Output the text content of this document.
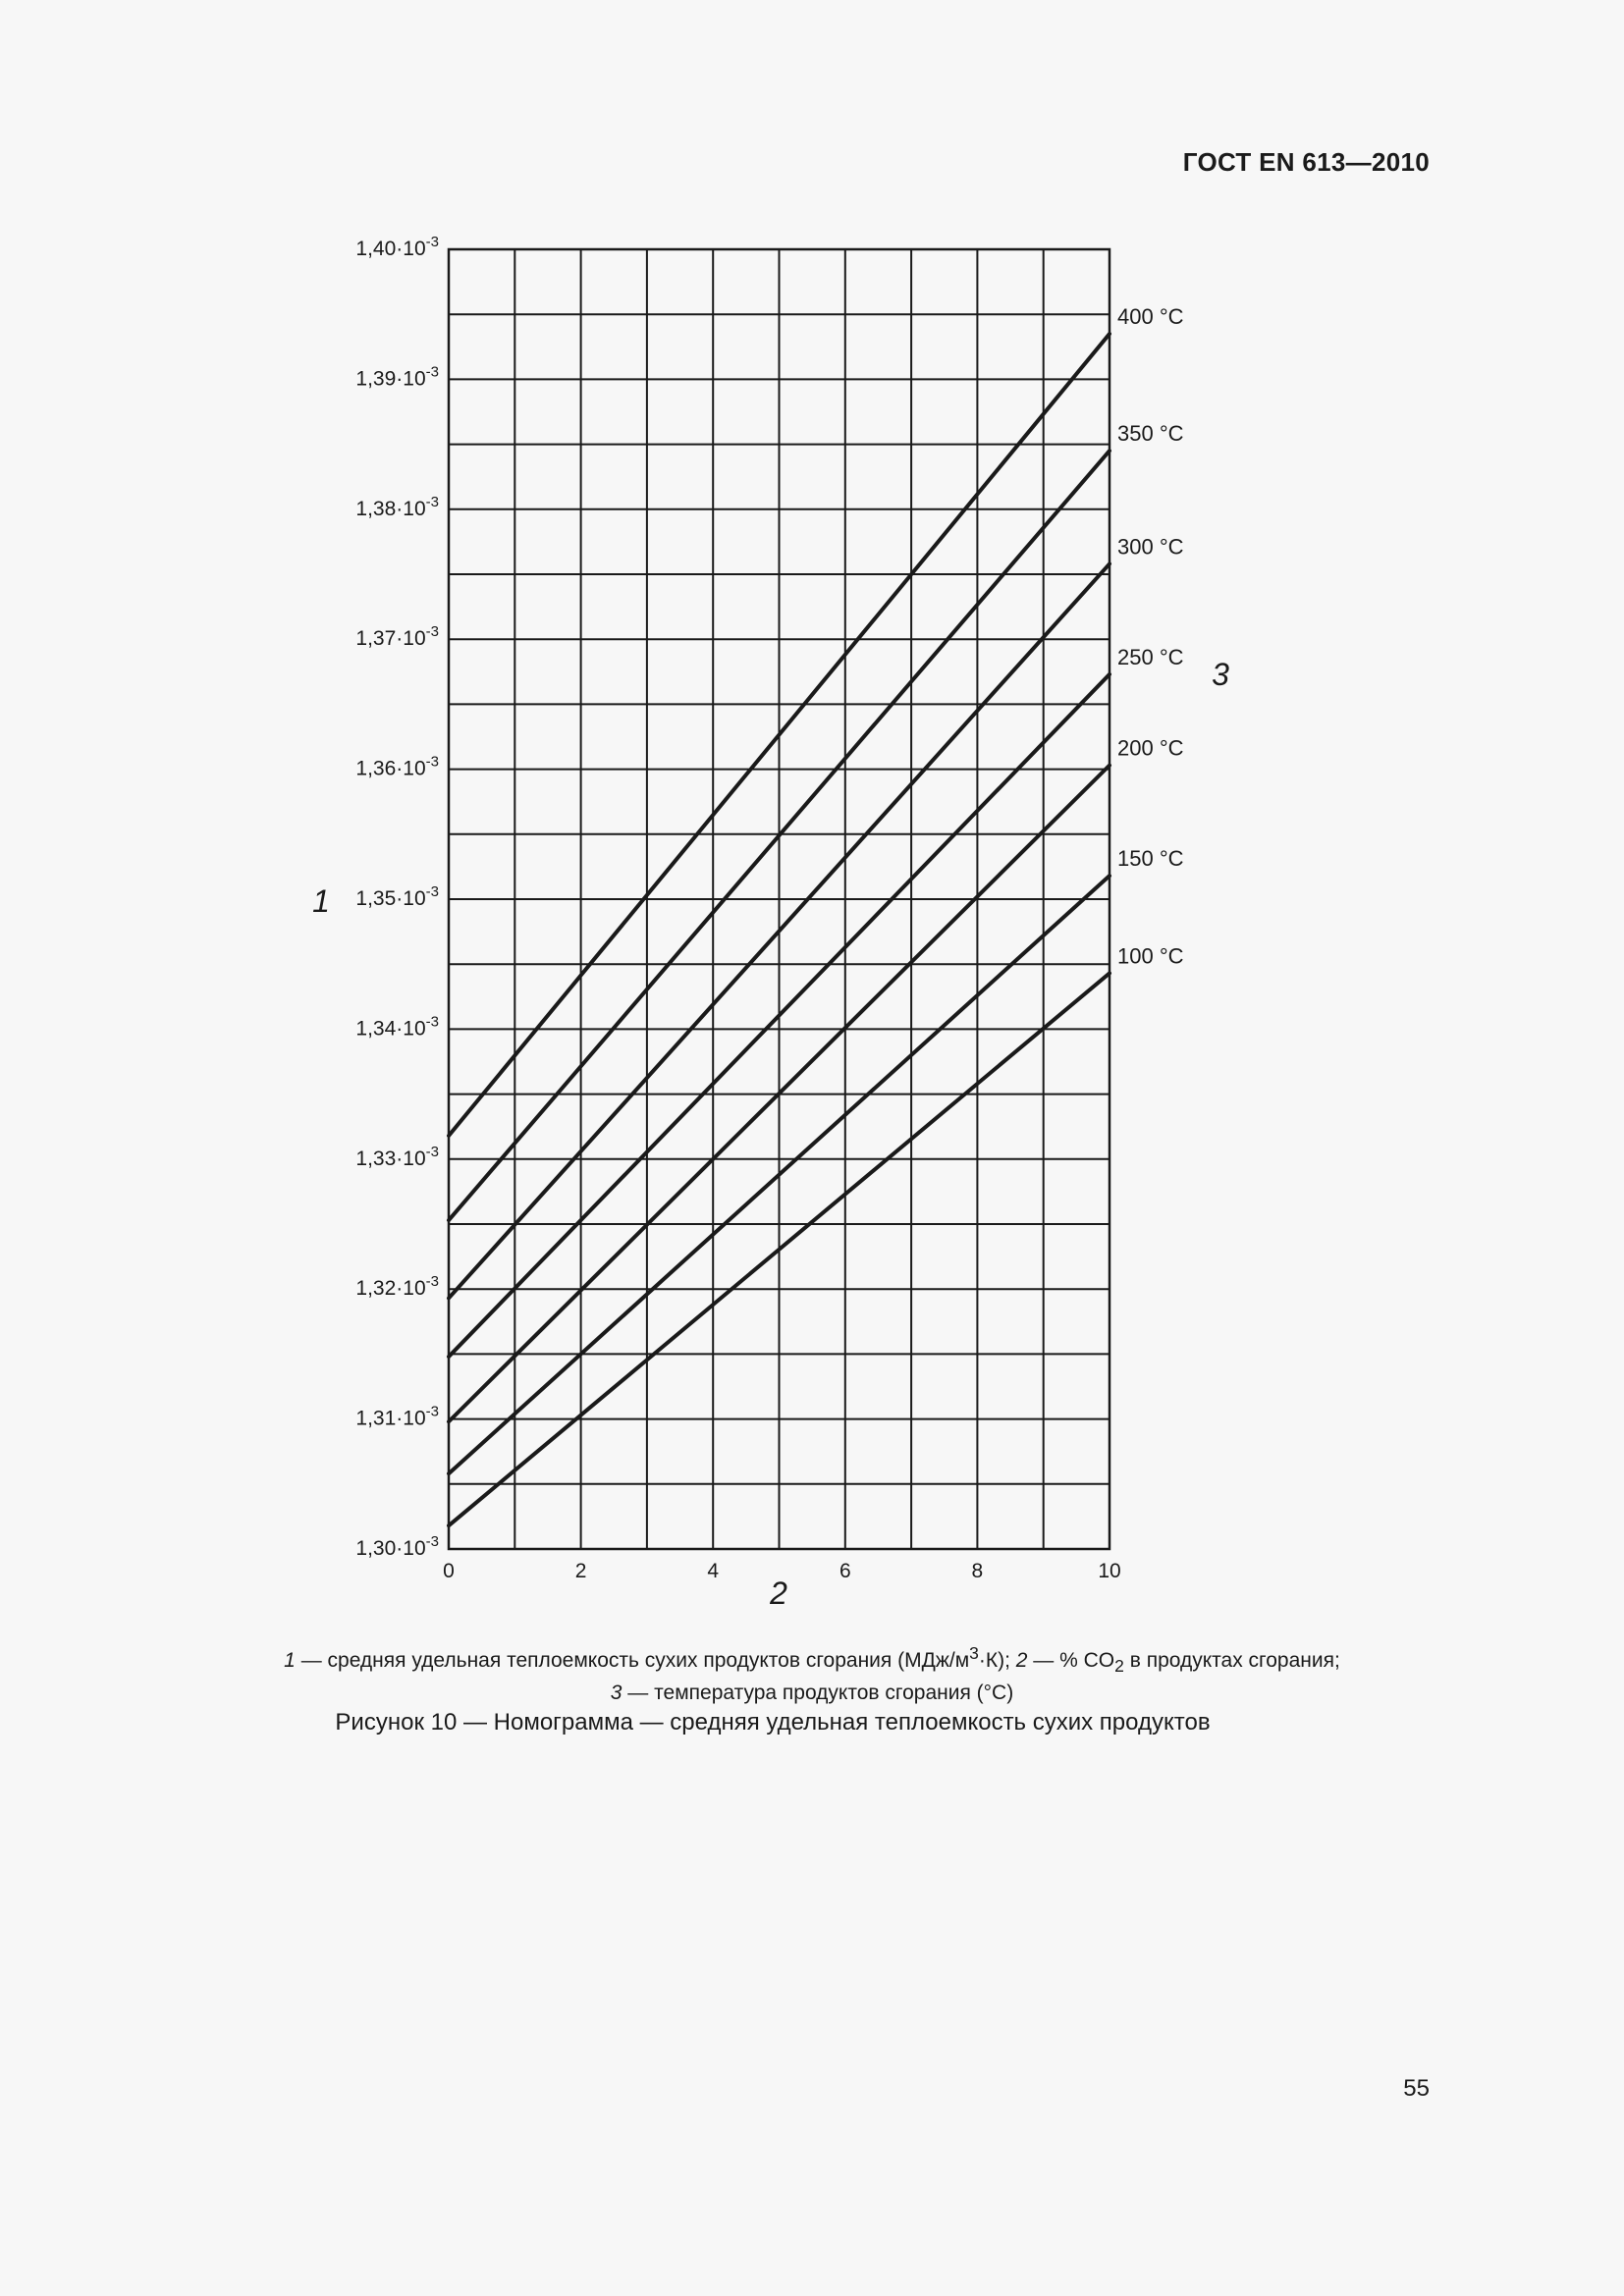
ГОСТ EN 613—2010
0	2	4	6	8	10
$1,30\cdot 10^{-3}$
$1,31\cdot 10^{-3}$
$1,32\cdot 10^{-3}$
$1,33\cdot 10^{-3}$
$1,34\cdot 10^{-3}$
$1,35\cdot 10^{-3}$
$1,36\cdot 10^{-3}$
$1,37\cdot 10^{-3}$
$1,38\cdot 10^{-3}$
$1,39\cdot 10^{-3}$
$1,40\cdot 10^{-3}$
100 °C
150 °C
200 °C
250 °C
300 °C
350 °C
400 °C
2
1
3
1 — средняя удельная теплоемкость сухих продуктов сгорания $(МДж/м^3\cdot К)$; 2 — % $CO_2$ в продуктах сгорания;
3 — температура продуктов сгорания (°С)
Рисунок 10 — Номограмма — средняя удельная теплоемкость сухих продуктов
55
